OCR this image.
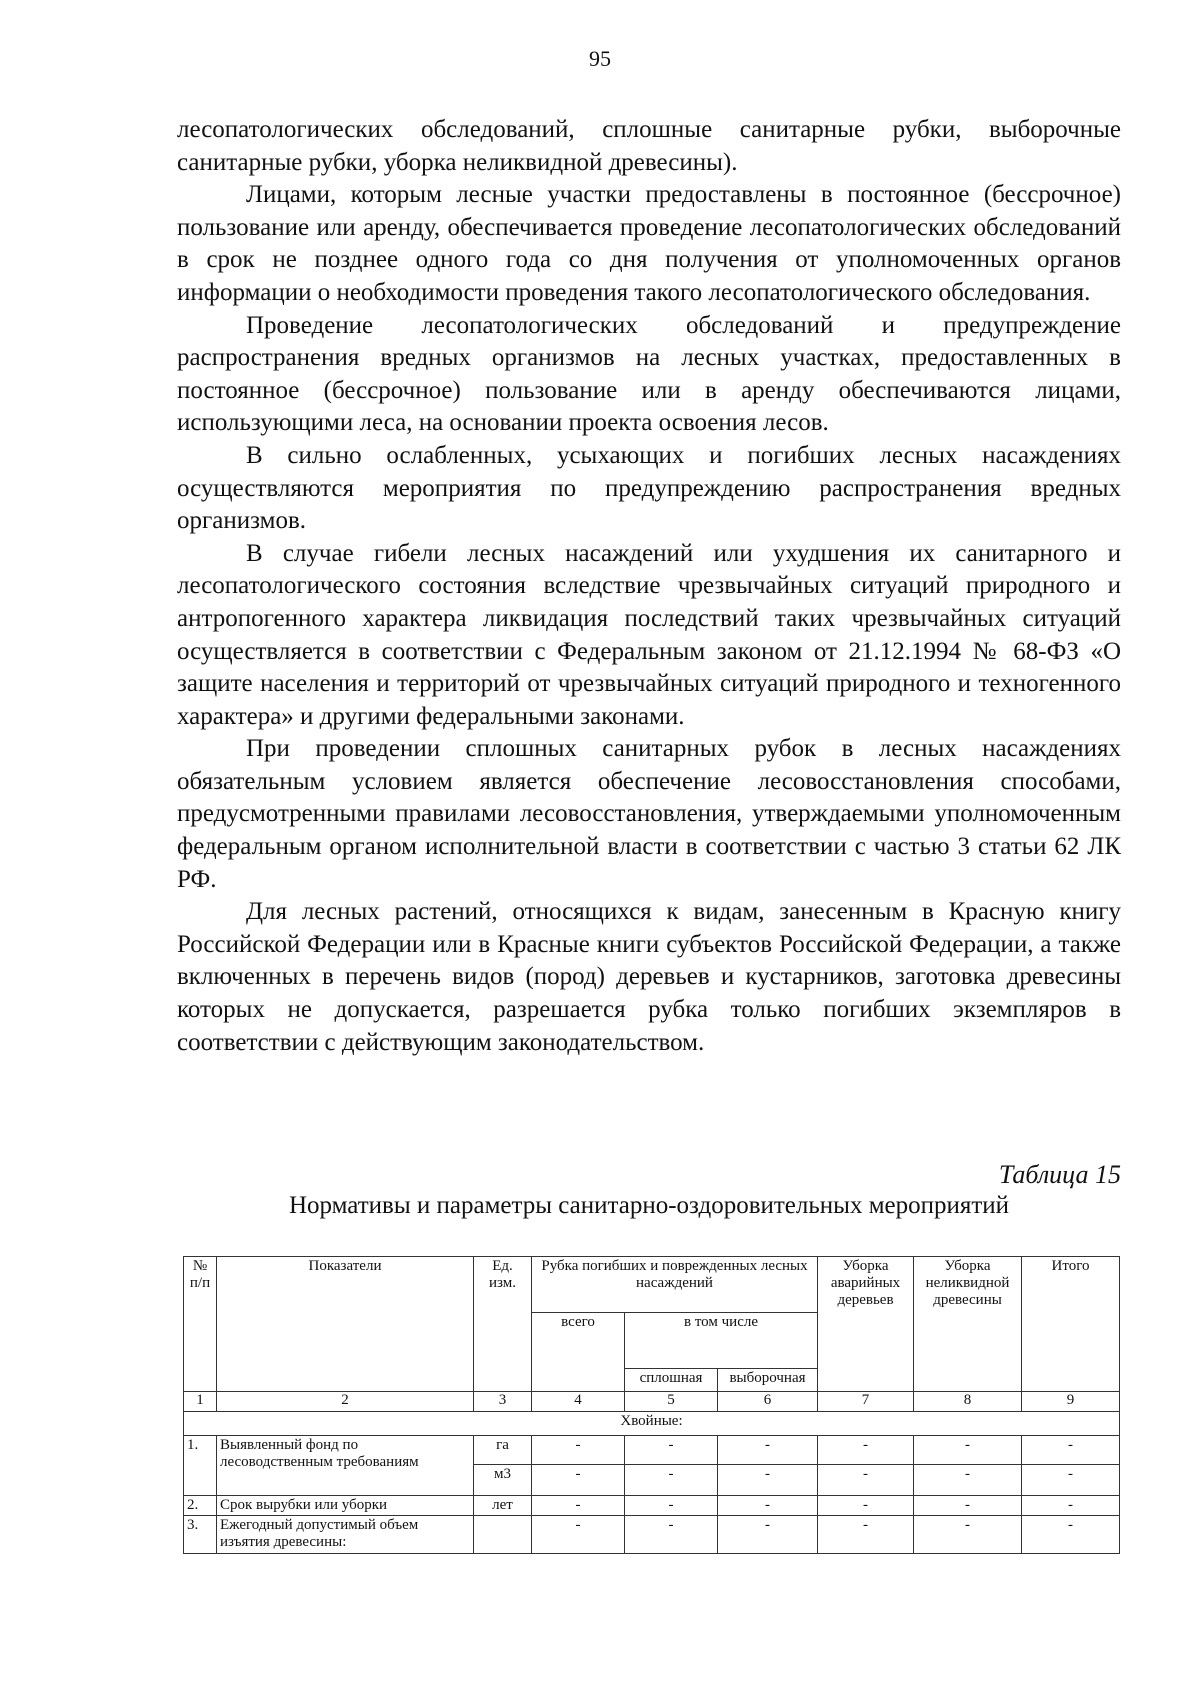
95

лесопатологических обследований, сплошные санитарные рубки, выборочные санитарные рубки, уборка неликвидной древесины).

Лицами, которым лесные участки предоставлены в постоянное (бессрочное) пользование или аренду, обеспечивается проведение лесопатологических обследований в срок не позднее одного года со дня получения от уполномоченных органов информации о необходимости проведения такого лесопатологического обследования.

Проведение лесопатологических обследований и предупреждение распространения вредных организмов на лесных участках, предоставленных в постоянное (бессрочное) пользование или в аренду обеспечиваются лицами, использующими леса, на основании проекта освоения лесов.

В сильно ослабленных, усыхающих и погибших лесных насаждениях осуществляются мероприятия по предупреждению распространения вредных организмов.

В случае гибели лесных насаждений или ухудшения их санитарного и лесопатологического состояния вследствие чрезвычайных ситуаций природного и антропогенного характера ликвидация последствий таких чрезвычайных ситуаций осуществляется в соответствии с Федеральным законом от 21.12.1994 № 68-ФЗ «О защите населения и территорий от чрезвычайных ситуаций природного и техногенного характера» и другими федеральными законами.

При проведении сплошных санитарных рубок в лесных насаждениях обязательным условием является обеспечение лесовосстановления способами, предусмотренными правилами лесовосстановления, утверждаемыми уполномоченным федеральным органом исполнительной власти в соответствии с частью 3 статьи 62 ЛК РФ.

Для лесных растений, относящихся к видам, занесенным в Красную книгу Российской Федерации или в Красные книги субъектов Российской Федерации, а также включенных в перечень видов (пород) деревьев и кустарников, заготовка древесины которых не допускается, разрешается рубка только погибших экземпляров в соответствии с действующим законодательством.

Таблица 15
Нормативы и параметры санитарно-оздоровительных мероприятий
№ п/п	Показатели	Ед. изм.	Рубка погибших и поврежденных лесных насаждений			Уборка аварийных деревьев	Уборка неликвидной древесины	Итого
			всего	в том числе				
				сплошная	выборочная			
1	2	3	4	5	6	7	8	9
Хвойные:								
1.	Выявленный фонд по лесоводственным требованиям	га	-	-	-	-	-	-
		м3	-	-	-	-	-	-
2.	Срок вырубки или уборки	лет	-	-	-	-	-	-
3.	Ежегодный допустимый объем изъятия древесины:		-	-	-	-	-	-
